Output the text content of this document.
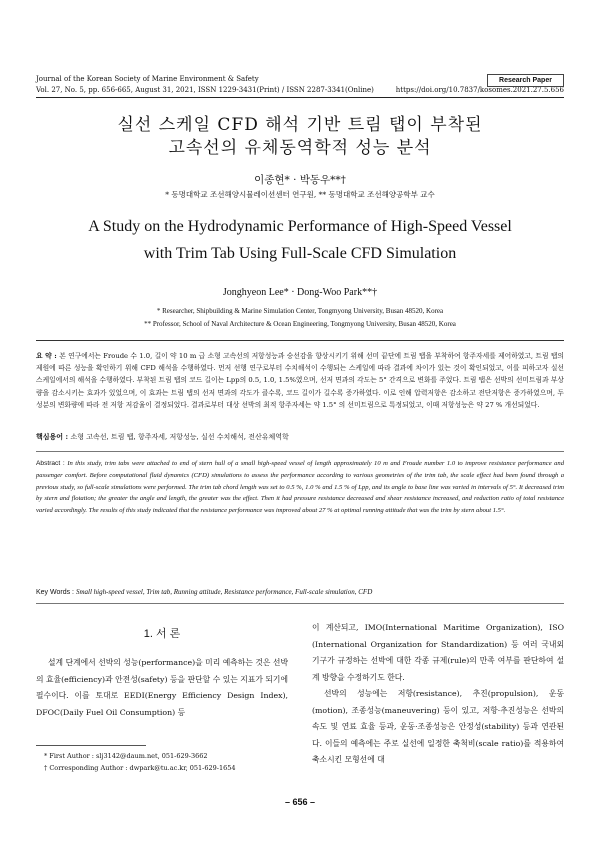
Journal of the Korean Society of Marine Environment & Safety
Vol. 27, No. 5, pp. 656-665, August 31, 2021, ISSN 1229-3431(Print) / ISSN 2287-3341(Online)	https://doi.org/10.7837/kosomes.2021.27.5.656
Research Paper
실선 스케일 CFD 해석 기반 트림 탭이 부착된
고속선의 유체동역학적 성능 분석
이종현* · 박동우**†
* 동명대학교 조선해양시뮬레이션센터 연구원, ** 동명대학교 조선해양공학부 교수
A Study on the Hydrodynamic Performance of High-Speed Vessel
with Trim Tab Using Full-Scale CFD Simulation
Jonghyeon Lee* · Dong-Woo Park**†
* Researcher, Shipbuilding & Marine Simulation Center, Tongmyong University, Busan 48520, Korea
** Professor, School of Naval Architecture & Ocean Engineering, Tongmyong University, Busan 48520, Korea
요 약 : 본 연구에서는 Froude 수 1.0, 길이 약 10 m 급 소형 고속선의 저항성능과 승선감을 향상시키기 위해 선미 끝단에 트림 탭을 부착하여 항주자세를 제어하였고, 트림 탭의 제원에 따른 성능을 확인하기 위해 CFD 해석을 수행하였다. 먼저 선행 연구로부터 수치해석이 수행되는 스케일에 따라 결과에 차이가 있는 것이 확인되었고, 이를 피하고자 실선 스케일에서의 해석을 수행하였다. 부착된 트림 탭의 코드 길이는 Lpp의 0.5, 1.0, 1.5%였으며, 선저 면과의 각도는 5° 간격으로 변화를 주었다. 트림 탭은 선박의 선미트림과 부상량을 감소시키는 효과가 있었으며, 이 효과는 트림 탭의 선저 면과의 각도가 클수록, 코드 길이가 길수록 증가하였다. 이로 인해 압력저항은 감소하고 전단저항은 증가하였으며, 두 성분의 변화량에 따라 전 저항 저감율이 결정되었다. 결과로부터 대상 선박의 최적 항주자세는 약 1.5° 의 선미트림으로 특정되었고, 이때 저항성능은 약 27 % 개선되었다.
핵심용어 : 소형 고속선, 트림 탭, 항주자세, 저항성능, 실선 수치해석, 전산유체역학
Abstract : In this study, trim tabs were attached to end of stern hull of a small high-speed vessel of length approximately 10 m and Froude number 1.0 to improve resistance performance and passenger comfort. Before computational fluid dynamics (CFD) simulations to assess the performance according to various geometries of the trim tab, the scale effect had been found through a previous study, so full-scale simulations were performed. The trim tab chord length was set to 0.5 %, 1.0 % and 1.5 % of Lpp, and its angle to base line was varied in intervals of 5°. It decreased trim by stern and flotation; the greater the angle and length, the greater was the effect. Then it had pressure resistance decreased and shear resistance increased, and reduction ratio of total resistance varied accordingly. The results of this study indicated that the resistance performance was improved about 27 % at optimal running attitude that was the trim by stern about 1.5°.
Key Words : Small high-speed vessel, Trim tab, Running attitude, Resistance performance, Full-scale simulation, CFD
1. 서 론
설계 단계에서 선박의 성능(performance)을 미리 예측하는 것은 선박의 효율(efficiency)과 안전성(safety) 등을 판단할 수 있는 지표가 되기에 필수이다. 이를 토대로 EEDI(Energy Efficiency Design Index), DFOC(Daily Fuel Oil Consumption) 등

이 계산되고, IMO(International Maritime Organization), ISO (International Organization for Standardization) 등 여러 국내외 기구가 규정하는 선박에 대한 각종 규제(rule)의 만족 여부를 판단하여 설계 방향을 수정하기도 한다.

선박의 성능에는 저항(resistance), 추진(propulsion), 운동(motion), 조종성능(maneuvering) 등이 있고, 저항·추진성능은 선박의 속도 및 연료 효율 등과, 운동·조종성능은 안정성(stability) 등과 연관된다. 이들의 예측에는 주로 실선에 일정한 축척비(scale ratio)를 적용하여 축소시킨 모형선에 대

* First Author : slj3142@daum.net, 051-629-3662
† Corresponding Author : dwpark@tu.ac.kr, 051-629-1654
– 656 –
